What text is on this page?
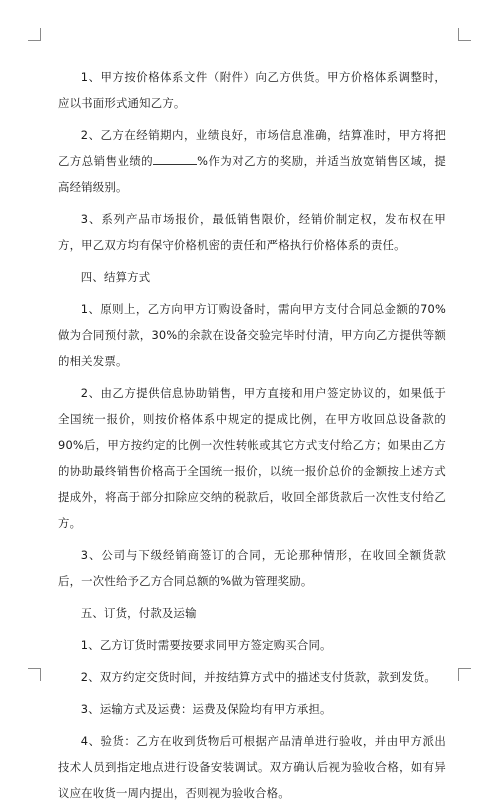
1、甲方按价格体系文件（附件）向乙方供货。甲方价格体系调整时，应以书面形式通知乙方。

2、乙方在经销期内，业绩良好，市场信息准确，结算准时，甲方将把乙方总销售业绩的	%作为对乙方的奖励，并适当放宽销售区域，提高经销级别。

3、系列产品市场报价，最低销售限价，经销价制定权，发布权在甲方，甲乙双方均有保守价格机密的责任和严格执行价格体系的责任。

四、结算方式

1、原则上，乙方向甲方订购设备时，需向甲方支付合同总金额的70%做为合同预付款，30%的余款在设备交验完毕时付清，甲方向乙方提供等额的相关发票。

2、由乙方提供信息协助销售，甲方直接和用户签定协议的，如果低于全国统一报价，则按价格体系中规定的提成比例，在甲方收回总设备款的90%后，甲方按约定的比例一次性转帐或其它方式支付给乙方；如果由乙方的协助最终销售价格高于全国统一报价，以统一报价总价的金额按上述方式提成外，将高于部分扣除应交纳的税款后，收回全部货款后一次性支付给乙方。

3、公司与下级经销商签订的合同，无论那种情形，在收回全额货款后，一次性给予乙方合同总额的%做为管理奖励。

五、订货，付款及运输

1、乙方订货时需要按要求同甲方签定购买合同。

2、双方约定交货时间，并按结算方式中的描述支付货款，款到发货。

3、运输方式及运费：运费及保险均有甲方承担。

4、验货：乙方在收到货物后可根据产品清单进行验收，并由甲方派出技术人员到指定地点进行设备安装调试。双方确认后视为验收合格，如有异议应在收货一周内提出，否则视为验收合格。
